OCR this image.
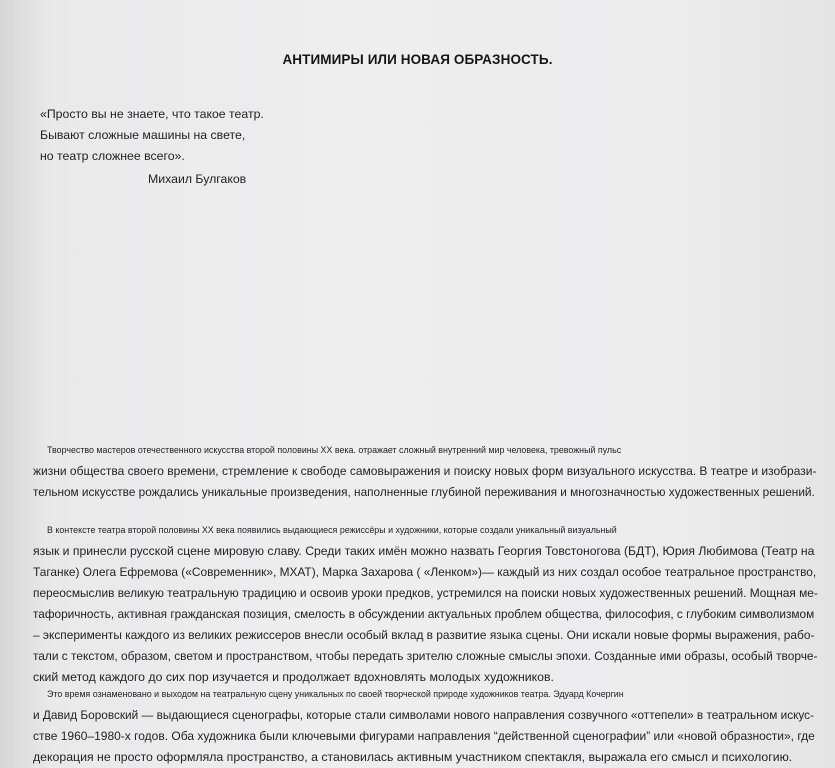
АНТИМИРЫ ИЛИ НОВАЯ ОБРАЗНОСТЬ.
«Просто вы не знаете, что такое театр.
Бывают сложные машины на свете,
но театр сложнее всего».
Михаил Булгаков
Творчество мастеров отечественного искусства второй половины XX века. отражает сложный внутренний мир человека, тревожный пульс
жизни общества своего времени, стремление к свободе самовыражения и поиску новых форм визуального искусства. В театре и изобрази-
тельном искусстве рождались уникальные произведения, наполненные глубиной переживания и многозначностью художественных решений.
В контексте театра второй половины XX века появились выдающиеся режиссёры и художники, которые создали уникальный визуальный
язык и принесли русской сцене мировую славу. Среди таких имён можно назвать Георгия Товстоногова (БДТ), Юрия Любимова (Театр на
Таганке) Олега Ефремова («Современник», МХАТ), Марка Захарова ( «Ленком»)— каждый из них создал особое театральное пространство,
переосмыслив великую театральную традицию и освоив уроки предков, устремился на поиски новых художественных решений. Мощная ме-
тафоричность, активная гражданская позиция, смелость в обсуждении актуальных проблем общества, философия, с глубоким символизмом
– эксперименты каждого из великих режиссеров внесли особый вклад в развитие языка сцены. Они искали новые формы выражения, рабо-
тали с текстом, образом, светом и пространством, чтобы передать зрителю сложные смыслы эпохи. Созданные ими образы, особый творче-
ский метод каждого до сих пор изучается и продолжает вдохновлять молодых художников.
Это время ознаменовано и выходом на театральную сцену уникальных по своей творческой природе художников театра. Эдуард Кочергин
и Давид Боровский — выдающиеся сценографы, которые стали символами нового направления созвучного «оттепели» в театральном искус-
стве 1960–1980-х годов. Оба художника были ключевыми фигурами направления “действенной сценографии” или «новой образности», где
декорация не просто оформляла пространство, а становилась активным участником спектакля, выражала его смысл и психологию.
